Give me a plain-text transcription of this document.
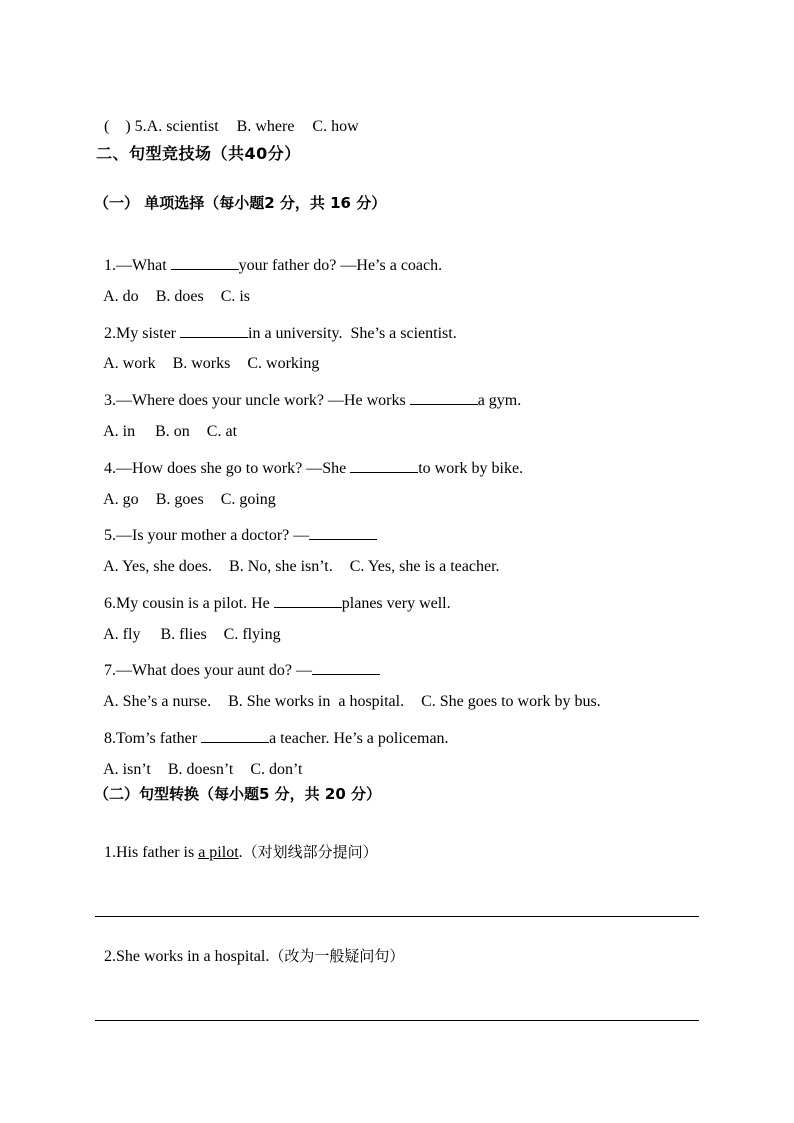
(    ) 5.A. scientist B. where C. how

二、句型竞技场（共40分）
（一） 单项选择（每小题2 分，共 16 分）

1.—What	your father do? —He’s a coach.

A. do B. does C. is

2.My sister	in a university.  She’s a scientist.

A. work B. works C. working

3.—Where does your uncle work? —He works	a gym.

A. in B. on C. at

4.—How does she go to work? —She	to work by bike.

A. go B. goes C. going

5.—Is your mother a doctor? —

A. Yes, she does. B. No, she isn’t. C. Yes, she is a teacher.

6.My cousin is a pilot. He	planes very well.

A. fly B. flies C. flying

7.—What does your aunt do? —

A. She’s a nurse. B. She works in  a hospital. C. She goes to work by bus.

8.Tom’s father	a teacher. He’s a policeman.

A. isn’t B. doesn’t C. don’t

（二）句型转换（每小题5 分，共 20 分）

1.His father is a pilot.（对划线部分提问）

2.She works in a hospital.（改为一般疑问句）
